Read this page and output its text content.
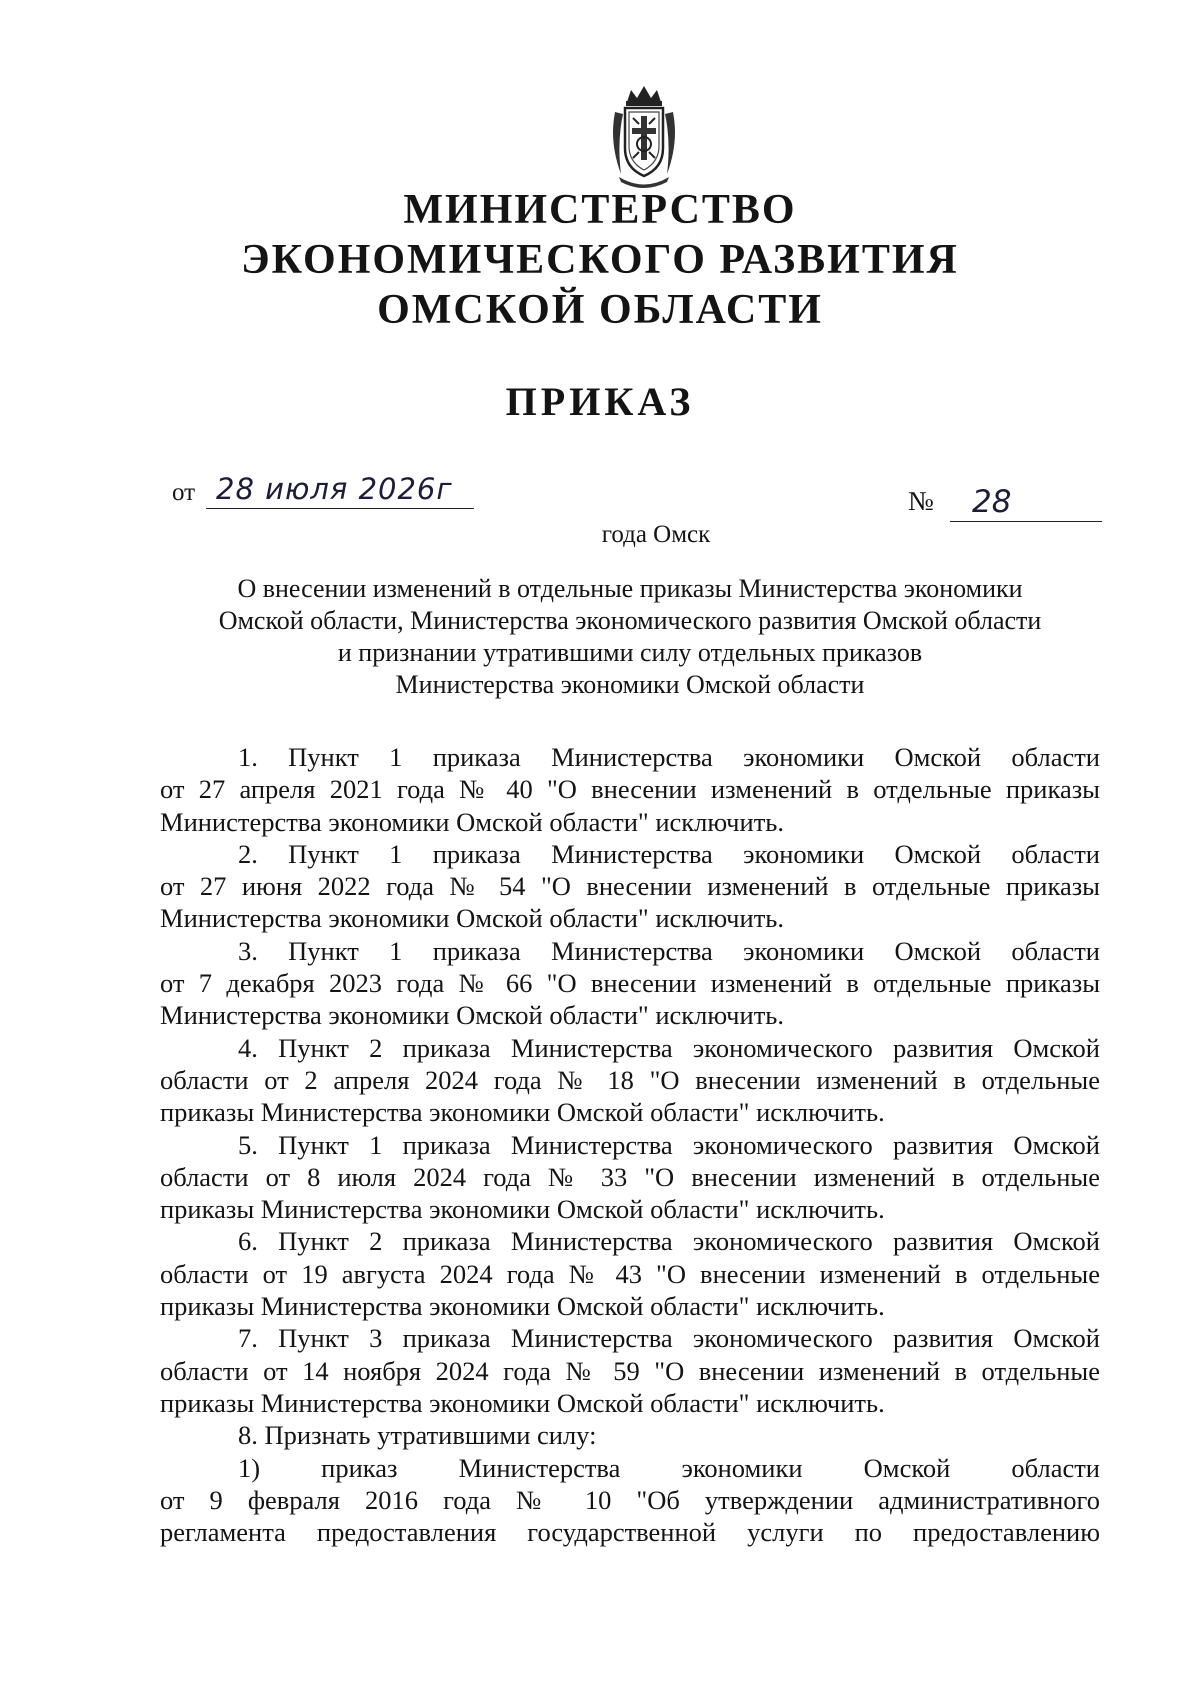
МИНИСТЕРСТВО
ЭКОНОМИЧЕСКОГО РАЗВИТИЯ
ОМСКОЙ ОБЛАСТИ
ПРИКАЗ
от 28 июля 2026г	№ 28
года Омск
О внесении изменений в отдельные приказы Министерства экономики
Омской области, Министерства экономического развития Омской области
и признании утратившими силу отдельных приказов
Министерства экономики Омской области
1. Пункт 1 приказа Министерства экономики Омской области
от 27 апреля 2021 года № 40 "О внесении изменений в отдельные приказы
Министерства экономики Омской области" исключить.
2. Пункт 1 приказа Министерства экономики Омской области
от 27 июня 2022 года № 54 "О внесении изменений в отдельные приказы
Министерства экономики Омской области" исключить.
3. Пункт 1 приказа Министерства экономики Омской области
от 7 декабря 2023 года № 66 "О внесении изменений в отдельные приказы
Министерства экономики Омской области" исключить.
4. Пункт 2 приказа Министерства экономического развития Омской
области от 2 апреля 2024 года № 18 "О внесении изменений в отдельные
приказы Министерства экономики Омской области" исключить.
5. Пункт 1 приказа Министерства экономического развития Омской
области от 8 июля 2024 года № 33 "О внесении изменений в отдельные
приказы Министерства экономики Омской области" исключить.
6. Пункт 2 приказа Министерства экономического развития Омской
области от 19 августа 2024 года № 43 "О внесении изменений в отдельные
приказы Министерства экономики Омской области" исключить.
7. Пункт 3 приказа Министерства экономического развития Омской
области от 14 ноября 2024 года № 59 "О внесении изменений в отдельные
приказы Министерства экономики Омской области" исключить.
8. Признать утратившими силу:
1) приказ Министерства экономики Омской области
от 9 февраля 2016 года № 10 "Об утверждении административного
регламента предоставления государственной услуги по предоставлению
